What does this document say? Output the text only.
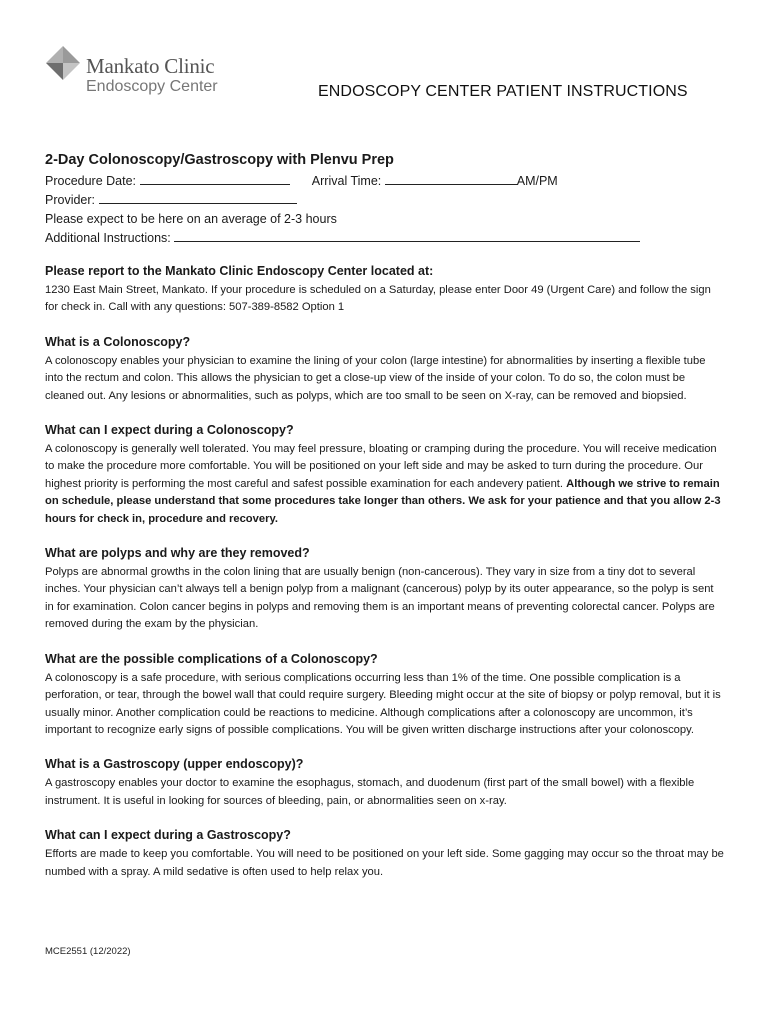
Mankato Clinic
Endoscopy Center	ENDOSCOPY CENTER PATIENT INSTRUCTIONS
2-Day Colonoscopy/Gastroscopy with Plenvu Prep
Procedure Date:	Arrival Time:	AM/PM
Provider:
Please expect to be here on an average of 2-3 hours
Additional Instructions:
Please report to the Mankato Clinic Endoscopy Center located at:

1230 East Main Street, Mankato. If your procedure is scheduled on a Saturday, please enter Door 49 (Urgent Care) and follow the sign for check in. Call with any questions: 507-389-8582 Option 1

What is a Colonoscopy?

A colonoscopy enables your physician to examine the lining of your colon (large intestine) for abnormalities by inserting a flexible tube into the rectum and colon. This allows the physician to get a close-up view of the inside of your colon. To do so, the colon must be cleaned out. Any lesions or abnormalities, such as polyps, which are too small to be seen on X-ray, can be removed and biopsied.

What can I expect during a Colonoscopy?

A colonoscopy is generally well tolerated. You may feel pressure, bloating or cramping during the procedure. You will receive medication to make the procedure more comfortable. You will be positioned on your left side and may be asked to turn during the procedure. Our highest priority is performing the most careful and safest possible examination for each andevery patient. Although we strive to remain on schedule, please understand that some procedures take longer than others. We ask for your patience and that you allow 2-3 hours for check in, procedure and recovery.

What are polyps and why are they removed?

Polyps are abnormal growths in the colon lining that are usually benign (non-cancerous). They vary in size from a tiny dot to several inches. Your physician can’t always tell a benign polyp from a malignant (cancerous) polyp by its outer appearance, so the polyp is sent in for examination. Colon cancer begins in polyps and removing them is an important means of preventing colorectal cancer. Polyps are removed during the exam by the physician.

What are the possible complications of a Colonoscopy?

A colonoscopy is a safe procedure, with serious complications occurring less than 1% of the time. One possible complication is a perforation, or tear, through the bowel wall that could require surgery. Bleeding might occur at the site of biopsy or polyp removal, but it is usually minor. Another complication could be reactions to medicine. Although complications after a colonoscopy are uncommon, it’s important to recognize early signs of possible complications. You will be given written discharge instructions after your colonoscopy.

What is a Gastroscopy (upper endoscopy)?

A gastroscopy enables your doctor to examine the esophagus, stomach, and duodenum (first part of the small bowel) with a flexible instrument. It is useful in looking for sources of bleeding, pain, or abnormalities seen on x-ray.

What can I expect during a Gastroscopy?

Efforts are made to keep you comfortable. You will need to be positioned on your left side. Some gagging may occur so the throat may be numbed with a spray. A mild sedative is often used to help relax you.

MCE2551 (12/2022)
